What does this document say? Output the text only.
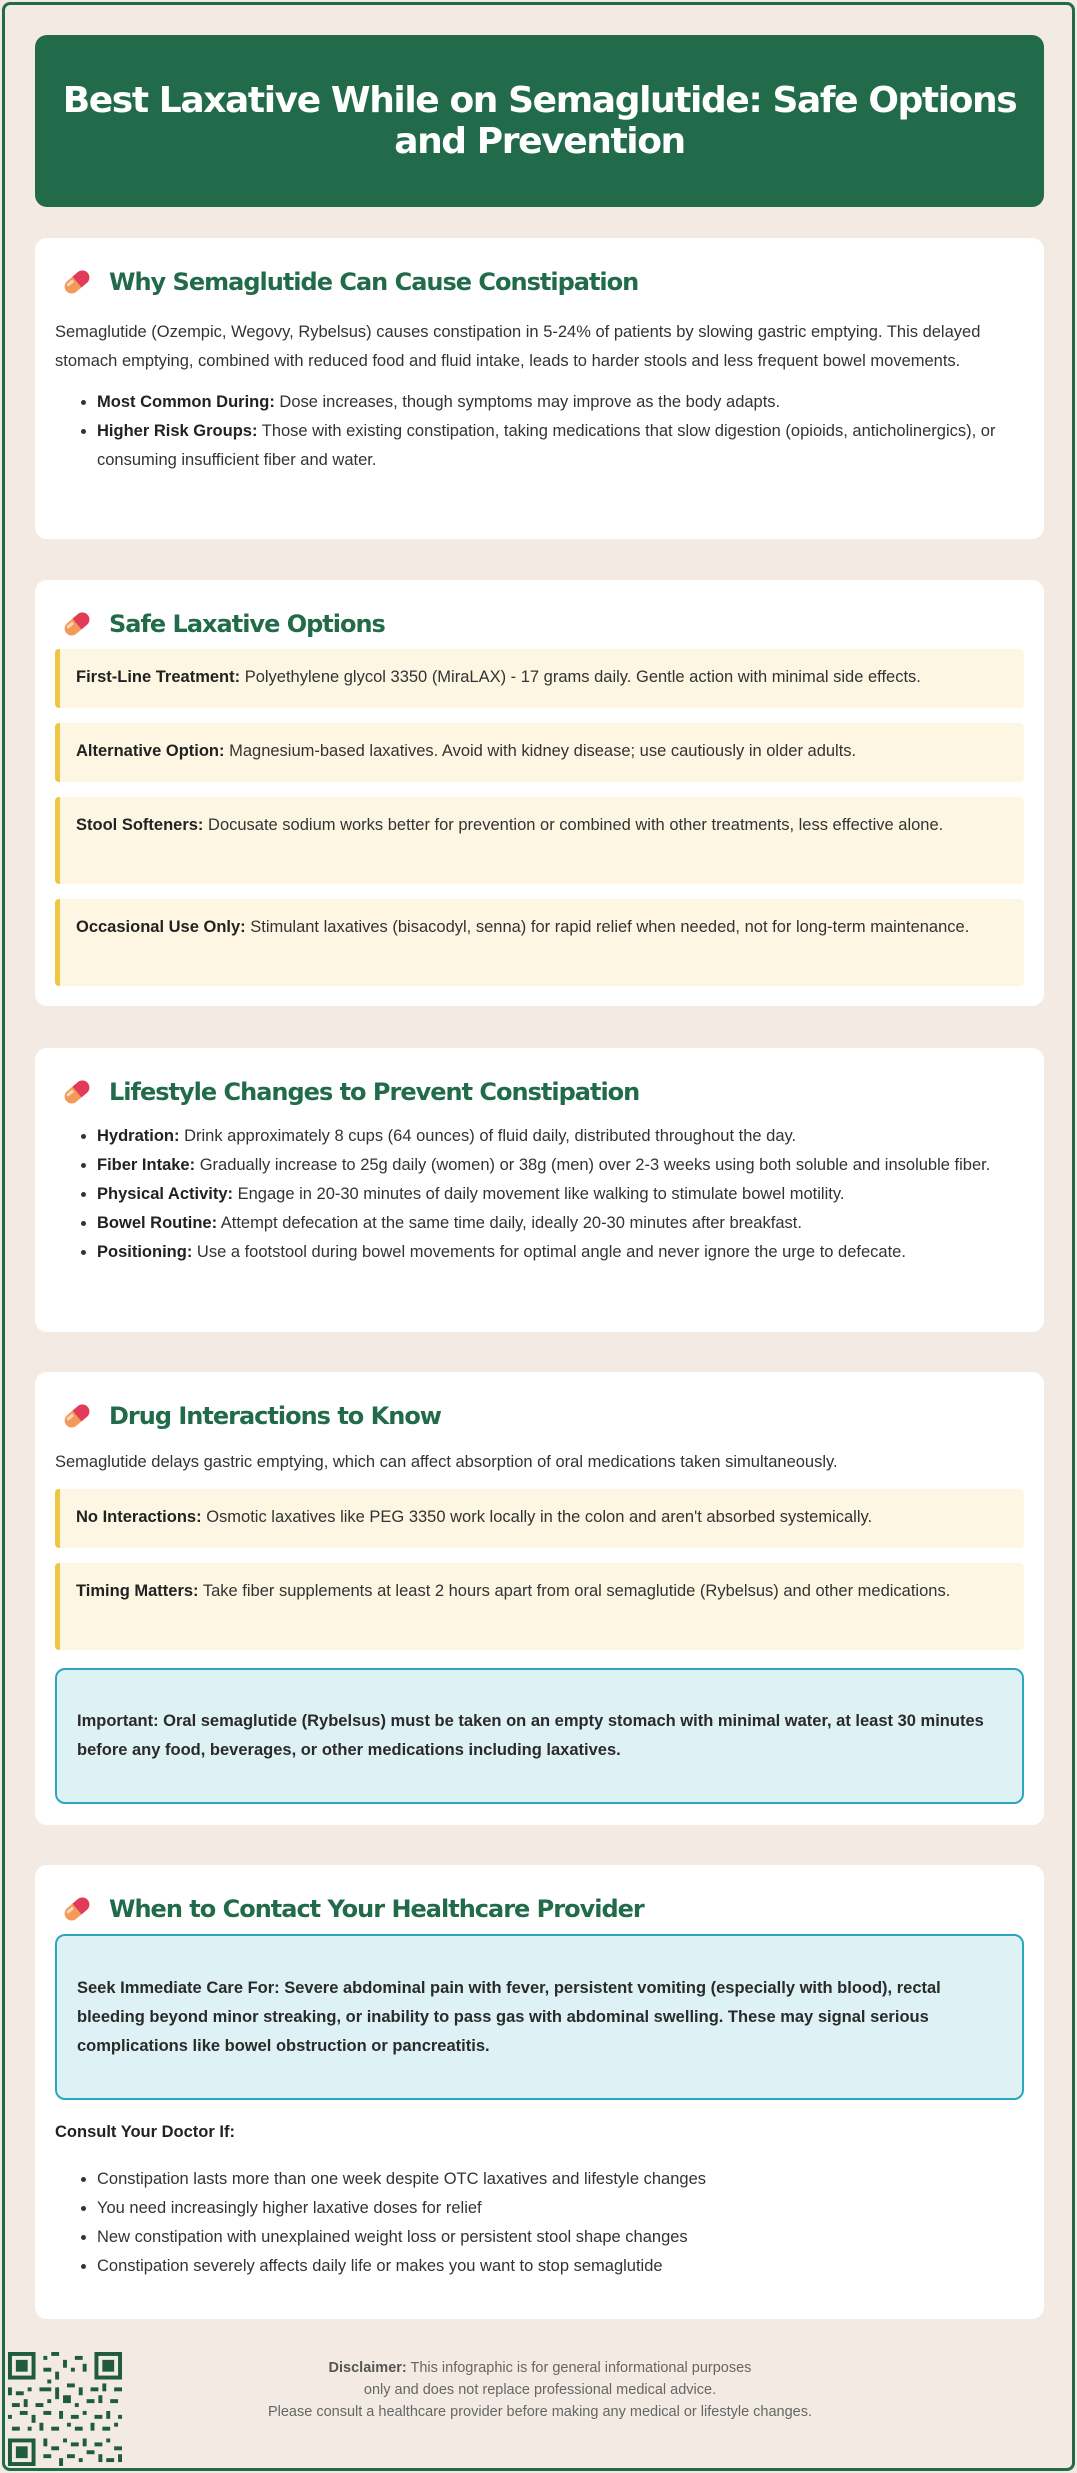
Best Laxative While on Semaglutide: Safe Options and Prevention
Why Semaglutide Can Cause Constipation

Semaglutide (Ozempic, Wegovy, Rybelsus) causes constipation in 5-24% of patients by slowing gastric emptying. This delayed stomach emptying, combined with reduced food and fluid intake, leads to harder stools and less frequent bowel movements.

• Most Common During: Dose increases, though symptoms may improve as the body adapts.
• Higher Risk Groups: Those with existing constipation, taking medications that slow digestion (opioids, anticholinergics), or consuming insufficient fiber and water.
Safe Laxative Options
First-Line Treatment: Polyethylene glycol 3350 (MiraLAX) - 17 grams daily. Gentle action with minimal side effects.
Alternative Option: Magnesium-based laxatives. Avoid with kidney disease; use cautiously in older adults.
Stool Softeners: Docusate sodium works better for prevention or combined with other treatments, less effective alone.
Occasional Use Only: Stimulant laxatives (bisacodyl, senna) for rapid relief when needed, not for long-term maintenance.
Lifestyle Changes to Prevent Constipation
• Hydration: Drink approximately 8 cups (64 ounces) of fluid daily, distributed throughout the day.
• Fiber Intake: Gradually increase to 25g daily (women) or 38g (men) over 2-3 weeks using both soluble and insoluble fiber.
• Physical Activity: Engage in 20-30 minutes of daily movement like walking to stimulate bowel motility.
• Bowel Routine: Attempt defecation at the same time daily, ideally 20-30 minutes after breakfast.
• Positioning: Use a footstool during bowel movements for optimal angle and never ignore the urge to defecate.
Drug Interactions to Know

Semaglutide delays gastric emptying, which can affect absorption of oral medications taken simultaneously.

No Interactions: Osmotic laxatives like PEG 3350 work locally in the colon and aren't absorbed systemically.
Timing Matters: Take fiber supplements at least 2 hours apart from oral semaglutide (Rybelsus) and other medications.
Important: Oral semaglutide (Rybelsus) must be taken on an empty stomach with minimal water, at least 30 minutes before any food, beverages, or other medications including laxatives.
When to Contact Your Healthcare Provider
Seek Immediate Care For: Severe abdominal pain with fever, persistent vomiting (especially with blood), rectal bleeding beyond minor streaking, or inability to pass gas with abdominal swelling. These may signal serious complications like bowel obstruction or pancreatitis.

Consult Your Doctor If:

• Constipation lasts more than one week despite OTC laxatives and lifestyle changes
• You need increasingly higher laxative doses for relief
• New constipation with unexplained weight loss or persistent stool shape changes
• Constipation severely affects daily life or makes you want to stop semaglutide
Disclaimer: This infographic is for general informational purposes
only and does not replace professional medical advice.
Please consult a healthcare provider before making any medical or lifestyle changes.
